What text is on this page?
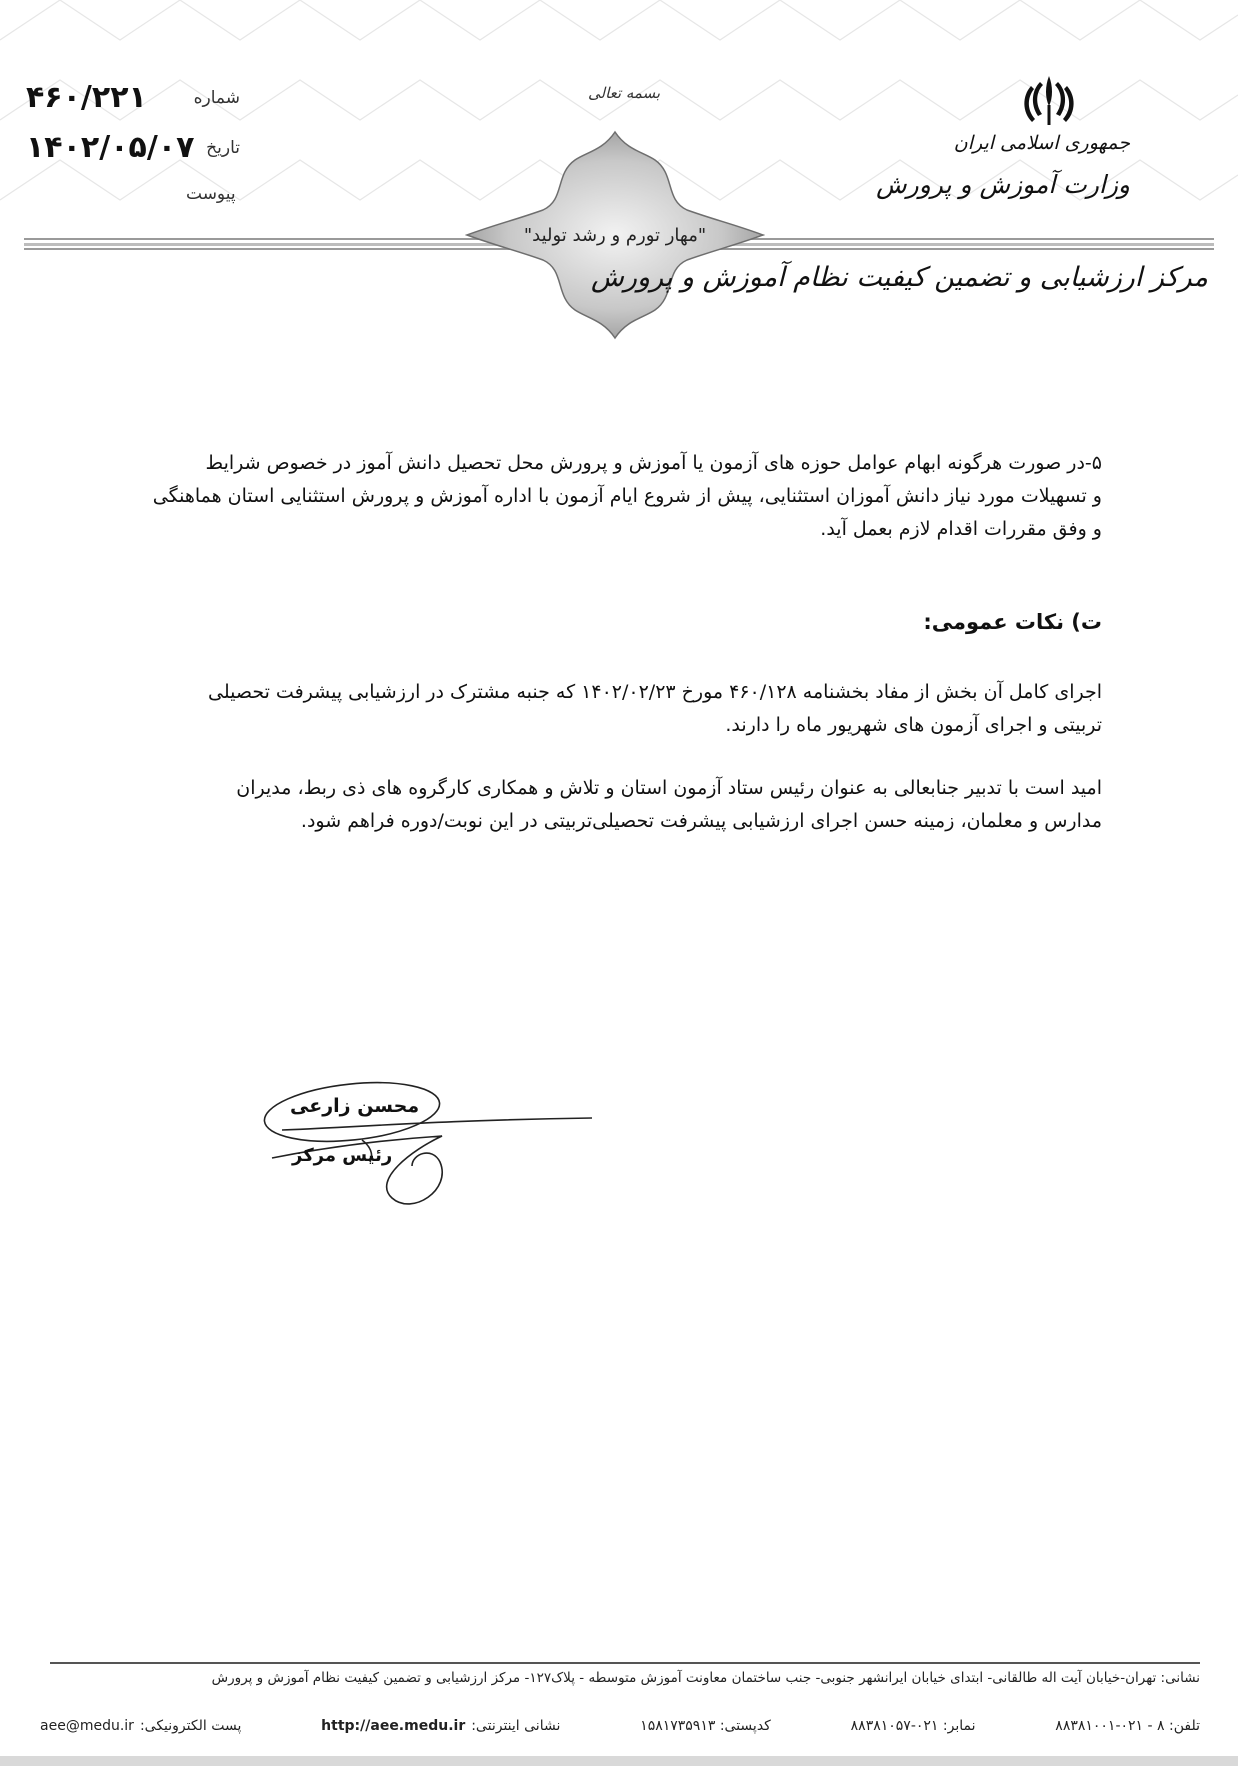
شماره
۴۶۰/۲۲۱
تاریخ
۱۴۰۲/۰۵/۰۷
پیوست
بسمه تعالی
جمهوری اسلامی ایران
وزارت آموزش و پرورش
"مهار تورم و رشد تولید"
مرکز ارزشیابی و تضمین کیفیت نظام آموزش و پرورش

۵-در صورت هرگونه ابهام عوامل حوزه های آزمون یا آموزش و پرورش محل تحصیل دانش آموز در خصوص شرایط

و تسهیلات مورد نیاز دانش آموزان استثنایی، پیش از شروع ایام آزمون با اداره آموزش و پرورش استثنایی استان هماهنگی

و وفق مقررات اقدام لازم بعمل آید.

ت) نکات عمومی:

اجرای کامل آن بخش از مفاد بخشنامه ۴۶۰/۱۲۸ مورخ ۱۴۰۲/۰۲/۲۳ که جنبه مشترک در ارزشیابی پیشرفت تحصیلی

تربیتی و اجرای آزمون های شهریور ماه را دارند.

امید است با تدبیر جنابعالی به عنوان رئیس ستاد آزمون استان و تلاش و همکاری کارگروه های ذی ربط، مدیران

مدارس و معلمان، زمینه حسن اجرای ارزشیابی پیشرفت تحصیلی‌تربیتی در این نوبت/دوره فراهم شود.

محسن زارعی
رئیس مرکز
نشانی: تهران-خیابان آیت اله طالقانی- ابتدای خیابان ایرانشهر جنوبی- جنب ساختمان معاونت آموزش متوسطه - پلاک۱۲۷- مرکز ارزشیابی و تضمین کیفیت نظام آموزش و پرورش
تلفن: ۸ - ۰۲۱-۸۸۳۸۱۰۰۱
نمابر: ۰۲۱-۸۸۳۸۱۰۵۷
کدپستی: ۱۵۸۱۷۳۵۹۱۳
نشانی اینترنتی:
http://aee.medu.ir
پست الکترونیکی:
aee@medu.ir
